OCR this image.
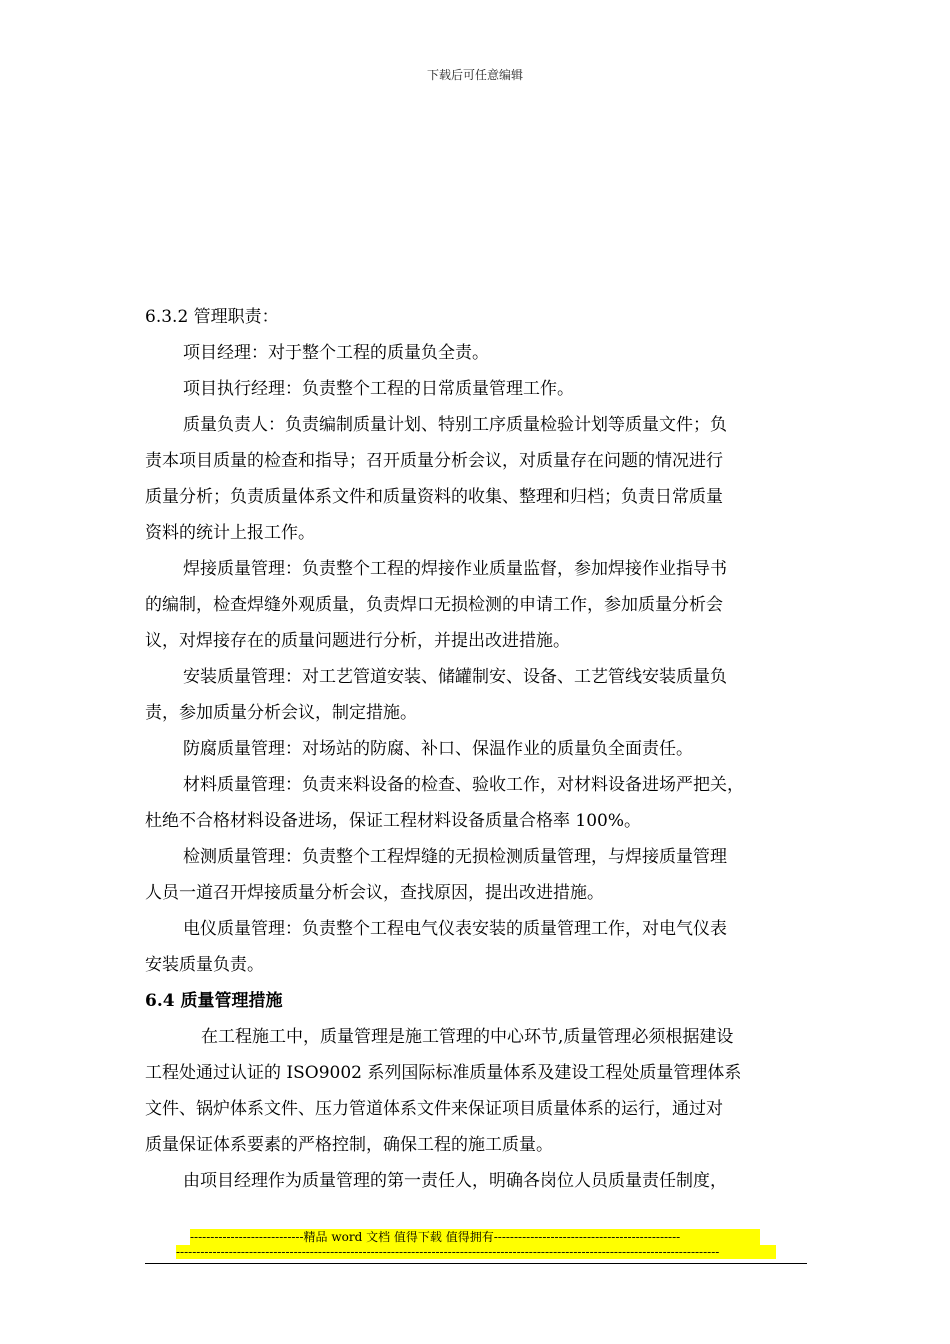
下载后可任意编辑

6.3.2 管理职责：

项目经理：对于整个工程的质量负全责。

项目执行经理：负责整个工程的日常质量管理工作。

质量负责人：负责编制质量计划、特别工序质量检验计划等质量文件；负

责本项目质量的检查和指导；召开质量分析会议，对质量存在问题的情况进行

质量分析；负责质量体系文件和质量资料的收集、整理和归档；负责日常质量

资料的统计上报工作。

焊接质量管理：负责整个工程的焊接作业质量监督，参加焊接作业指导书

的编制，检查焊缝外观质量，负责焊口无损检测的申请工作，参加质量分析会

议，对焊接存在的质量问题进行分析，并提出改进措施。

安装质量管理：对工艺管道安装、储罐制安、设备、工艺管线安装质量负

责，参加质量分析会议，制定措施。

防腐质量管理：对场站的防腐、补口、保温作业的质量负全面责任。

材料质量管理：负责来料设备的检查、验收工作，对材料设备进场严把关，

杜绝不合格材料设备进场，保证工程材料设备质量合格率 100%。

检测质量管理：负责整个工程焊缝的无损检测质量管理，与焊接质量管理

人员一道召开焊接质量分析会议，查找原因，提出改进措施。

电仪质量管理：负责整个工程电气仪表安装的质量管理工作，对电气仪表

安装质量负责。

6.4 质量管理措施

在工程施工中，质量管理是施工管理的中心环节,质量管理必须根据建设

工程处通过认证的 ISO9002 系列国际标准质量体系及建设工程处质量管理体系

文件、锅炉体系文件、压力管道体系文件来保证项目质量体系的运行，通过对

质量保证体系要素的严格控制，确保工程的施工质量。

由项目经理作为质量管理的第一责任人，明确各岗位人员质量责任制度，

----------------------------精品 word 文档 值得下载 值得拥有----------------------------------------------
--------------------------------------------------------------------------------------------------------------------------------------
